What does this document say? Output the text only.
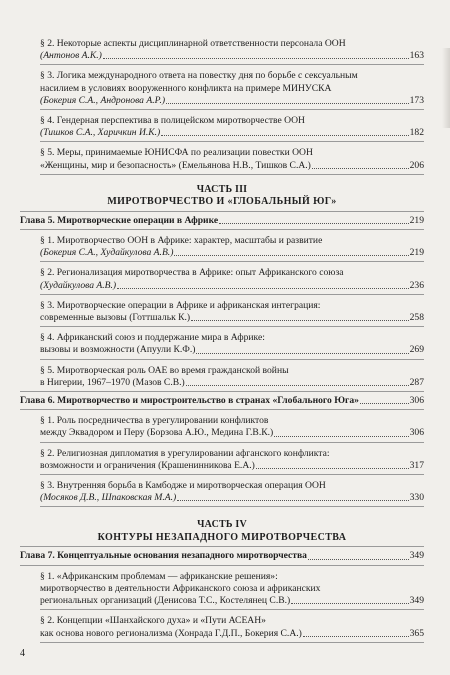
§ 2. Некоторые аспекты дисциплинарной ответственности персонала ООН
(Антонов А.К.)	163
§ 3. Логика международного ответа на повестку дня по борьбе с сексуальным
насилием в условиях вооруженного конфликта на примере МИНУСКА
(Бокерия С.А., Андронова А.Р.)	173
§ 4. Гендерная перспектива в полицейском миротворчестве ООН
(Тишков С.А., Харичкин И.К.)	182
§ 5. Меры, принимаемые ЮНИСФА по реализации повестки ООН
«Женщины, мир и безопасность» (Емельянова Н.В., Тишков С.А.)	206
ЧАСТЬ III
МИРОТВОРЧЕСТВО И «ГЛОБАЛЬНЫЙ ЮГ»
Глава 5. Миротворческие операции в Африке	219
§ 1. Миротворчество ООН в Африке: характер, масштабы и развитие
(Бокерия С.А., Худайкулова А.В.)	219
§ 2. Регионализация миротворчества в Африке: опыт Африканского союза
(Худайкулова А.В.)	236
§ 3. Миротворческие операции в Африке и африканская интеграция:
современные вызовы (Готтшальк К.)	258
§ 4. Африканский союз и поддержание мира в Африке:
вызовы и возможности (Апуули К.Ф.)	269
§ 5. Миротворческая роль ОАЕ во время гражданской войны
в Нигерии, 1967–1970 (Мазов С.В.)	287
Глава 6. Миротворчество и миростроительство в странах «Глобального Юга»	306
§ 1. Роль посредничества в урегулировании конфликтов
между Эквадором и Перу (Борзова А.Ю., Медина Г.В.К.)	306
§ 2. Религиозная дипломатия в урегулировании афганского конфликта:
возможности и ограничения (Крашенинникова Е.А.)	317
§ 3. Внутренняя борьба в Камбодже и миротворческая операция ООН
(Мосяков Д.В., Шпаковская М.А.)	330
ЧАСТЬ IV
КОНТУРЫ НЕЗАПАДНОГО МИРОТВОРЧЕСТВА
Глава 7. Концептуальные основания незападного миротворчества	349
§ 1. «Африканским проблемам — африканские решения»:
миротворчество в деятельности Африканского союза и африканских
региональных организаций (Денисова Т.С., Костелянец С.В.)	349
§ 2. Концепции «Шанхайского духа» и «Пути АСЕАН»
как основа нового регионализма (Хонрада Г.Д.П., Бокерия С.А.)	365
4
